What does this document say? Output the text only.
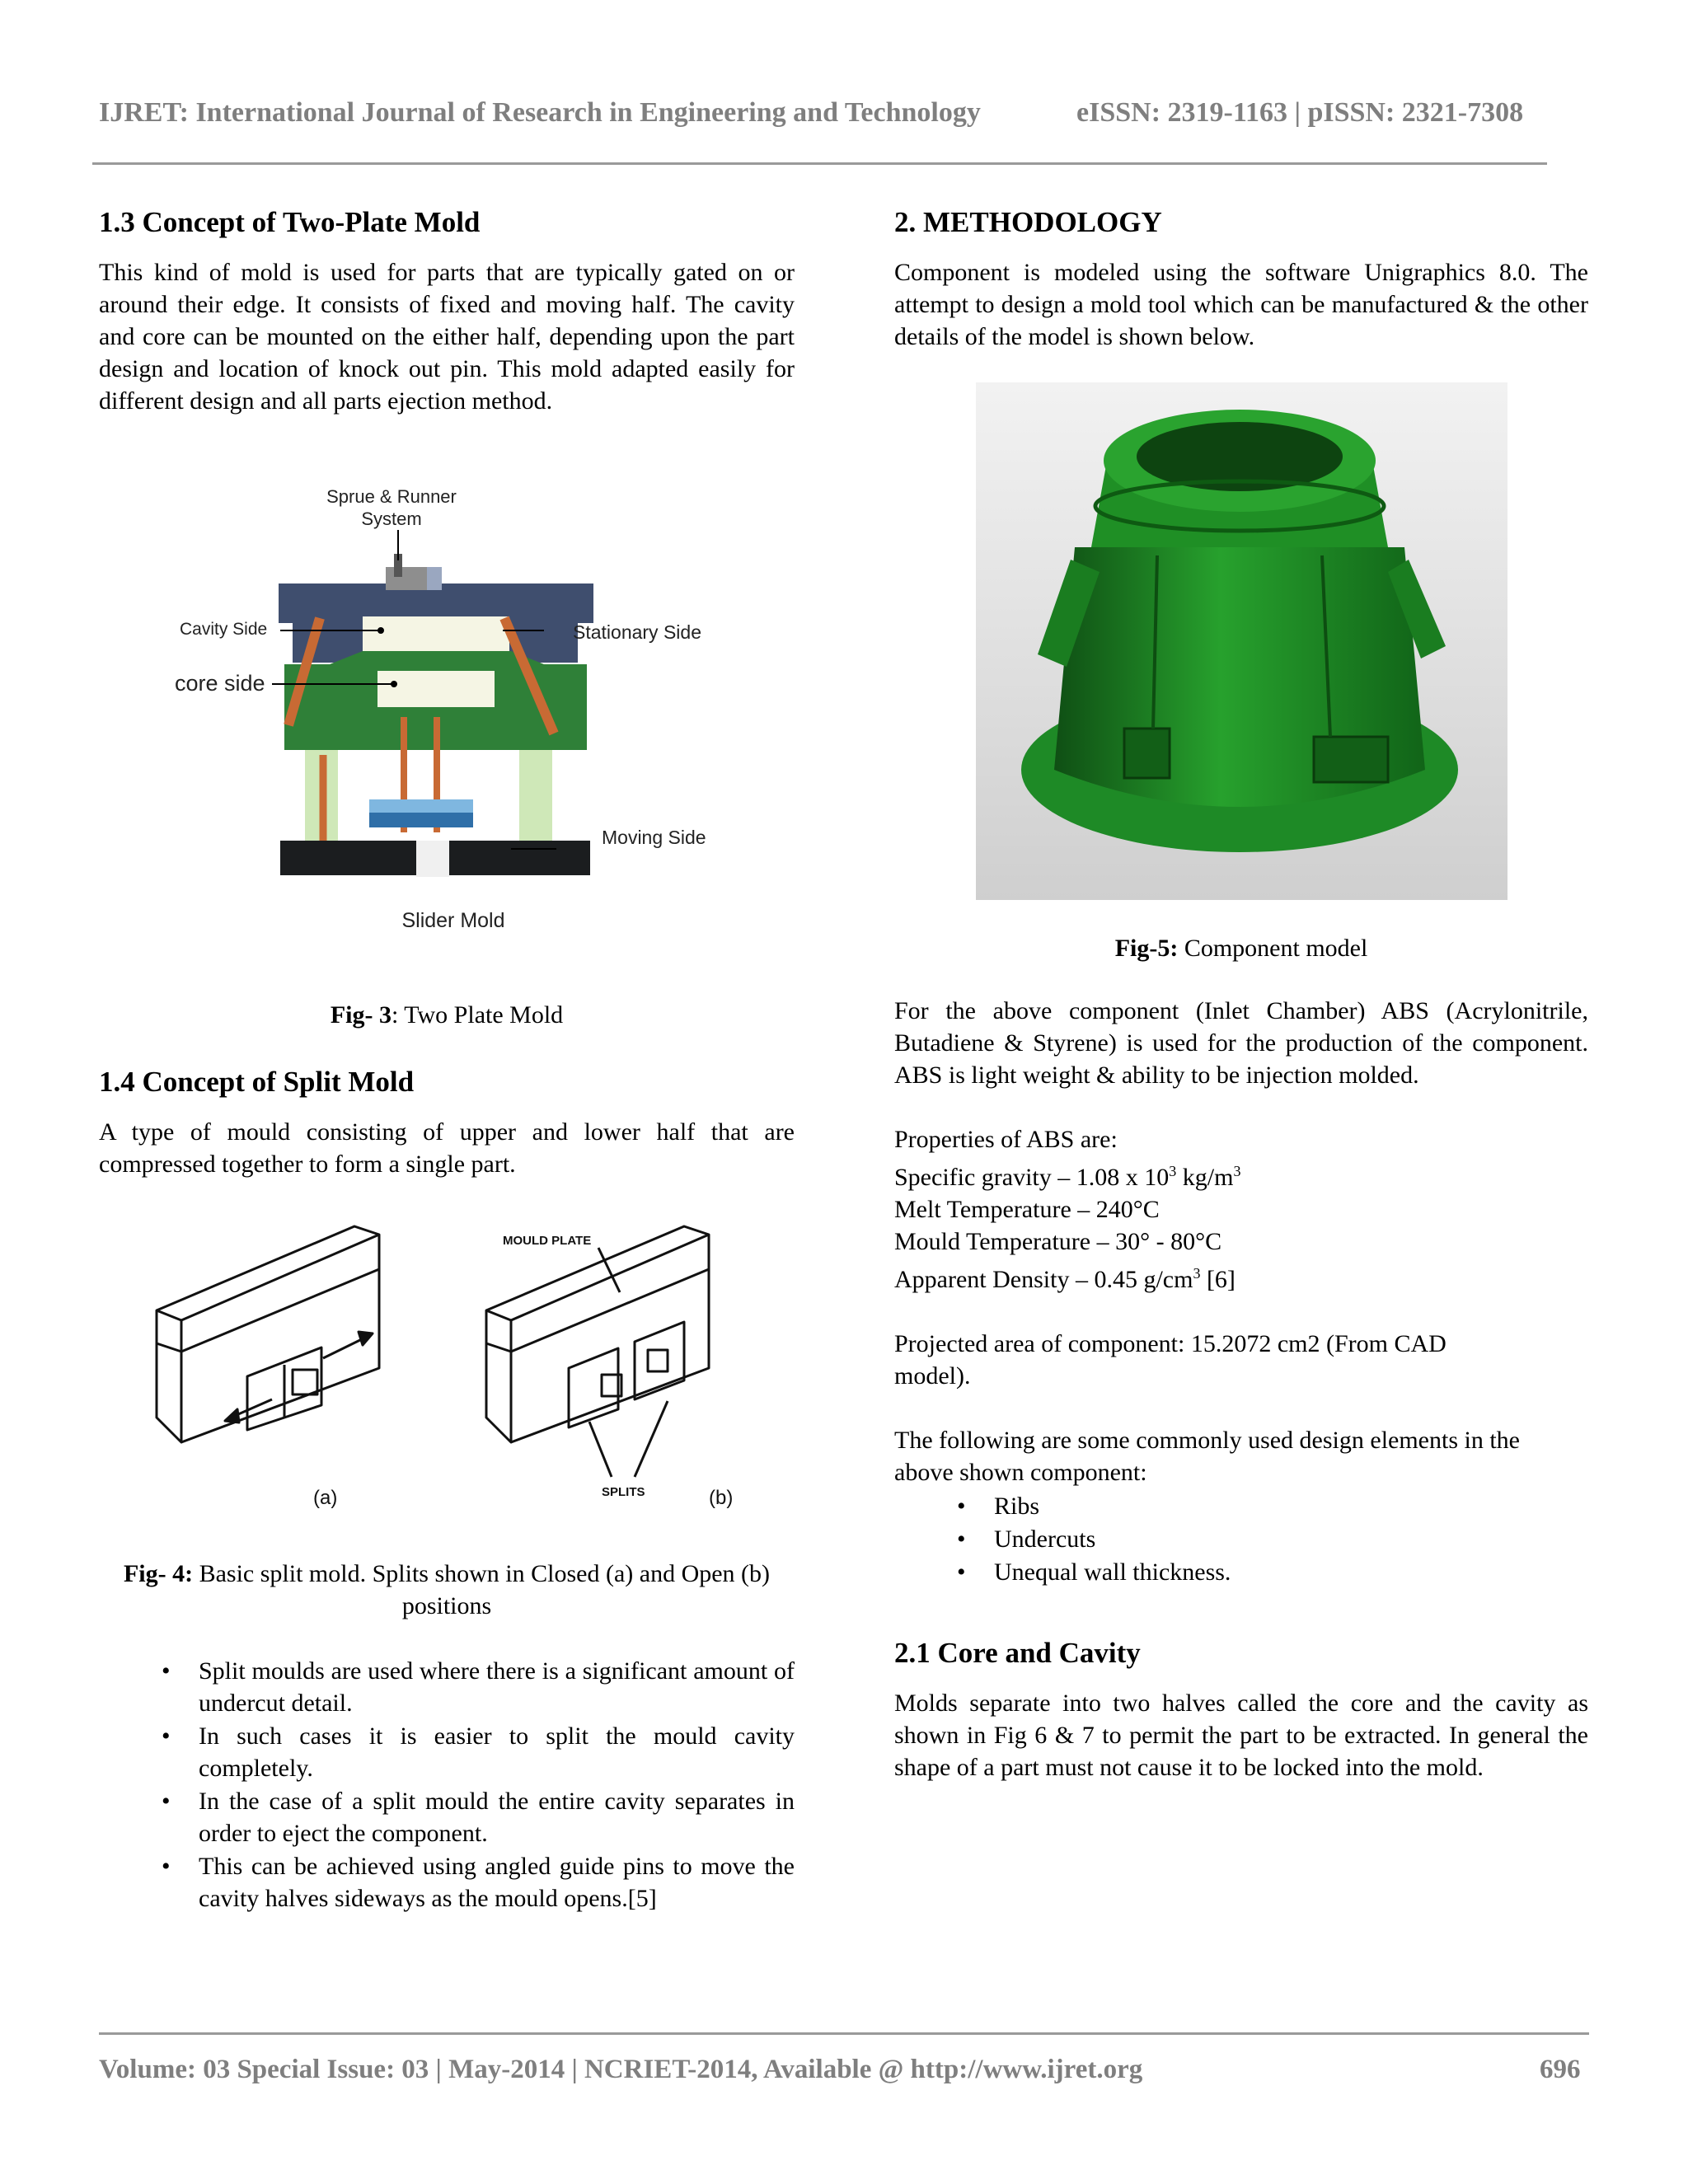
IJRET: International Journal of Research in Engineering and Technology	eISSN: 2319-1163 | pISSN: 2321-7308
1.3 Concept of Two-Plate Mold
This kind of mold is used for parts that are typically gated on or around their edge. It consists of fixed and moving half. The cavity and core can be mounted on the either half, depending upon the part design and location of knock out pin. This mold adapted easily for different design and all parts ejection method.
Sprue & Runner
System
Cavity Side	Stationary Side
core side
Moving Side
Slider Mold
Fig- 3: Two Plate Mold
1.4 Concept of Split Mold
A type of mould consisting of upper and lower half that are compressed together to form a single part.
MOULD PLATE
SPLITS
(a)	(b)
Fig- 4: Basic split mold. Splits shown in Closed (a) and Open (b) positions
• Split moulds are used where there is a significant amount of undercut detail.
• In such cases it is easier to split the mould cavity completely.
• In the case of a split mould the entire cavity separates in order to eject the component.
• This can be achieved using angled guide pins to move the cavity halves sideways as the mould opens.[5]
2. METHODOLOGY
Component is modeled using the software Unigraphics 8.0. The attempt to design a mold tool which can be manufactured & the other details of the model is shown below.
Fig-5: Component model
For the above component (Inlet Chamber) ABS (Acrylonitrile, Butadiene & Styrene) is used for the production of the component. ABS is light weight & ability to be injection molded.
Properties of ABS are:
Specific gravity – 1.08 x $10^3$ $kg/m^3$
Melt Temperature – 240°C
Mould Temperature – 30° - 80°C
Apparent Density – 0.45 $g/cm^3$ [6]
Projected area of component: 15.2072 cm2 (From CAD model).
The following are some commonly used design elements in the above shown component:
• Ribs
• Undercuts
• Unequal wall thickness.
2.1 Core and Cavity
Molds separate into two halves called the core and the cavity as shown in Fig 6 & 7 to permit the part to be extracted. In general the shape of a part must not cause it to be locked into the mold.
Volume: 03 Special Issue: 03 | May-2014 | NCRIET-2014, Available @ http://www.ijret.org	696
